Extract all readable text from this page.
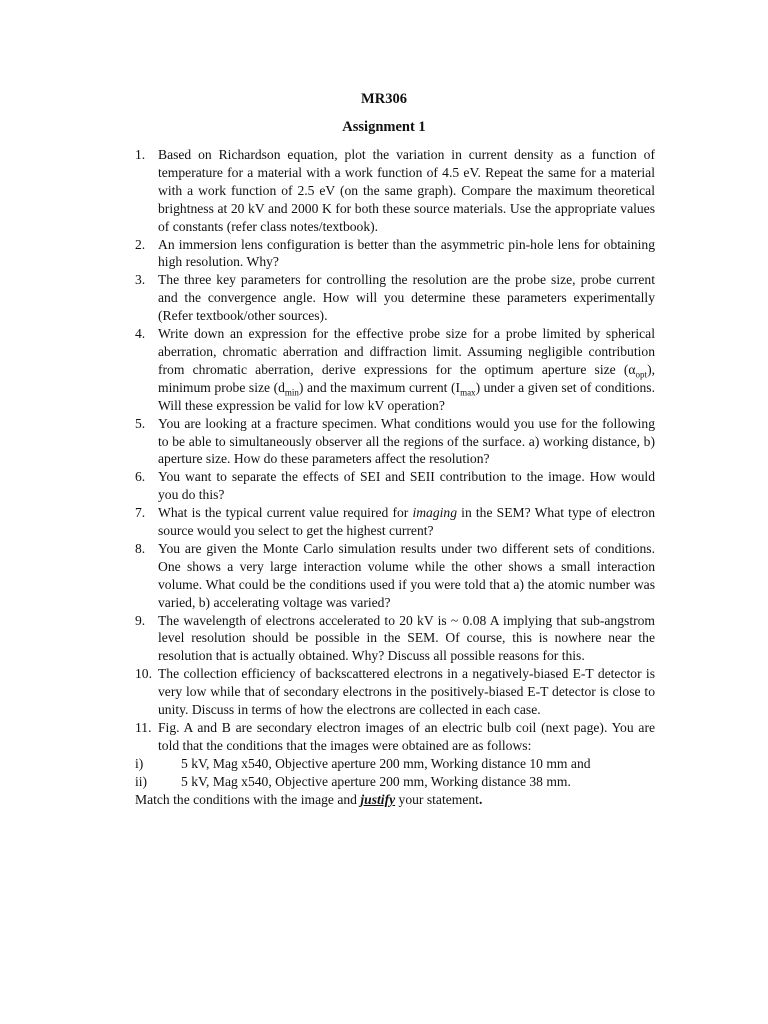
MR306
Assignment 1
1. Based on Richardson equation, plot the variation in current density as a function of temperature for a material with a work function of 4.5 eV. Repeat the same for a material with a work function of 2.5 eV (on the same graph). Compare the maximum theoretical brightness at 20 kV and 2000 K for both these source materials. Use the appropriate values of constants (refer class notes/textbook).
2. An immersion lens configuration is better than the asymmetric pin-hole lens for obtaining high resolution. Why?
3. The three key parameters for controlling the resolution are the probe size, probe current and the convergence angle. How will you determine these parameters experimentally (Refer textbook/other sources).
4. Write down an expression for the effective probe size for a probe limited by spherical aberration, chromatic aberration and diffraction limit. Assuming negligible contribution from chromatic aberration, derive expressions for the optimum aperture size $(\alpha_{opt})$, minimum probe size $(d_{min})$ and the maximum current $(I_{max})$ under a given set of conditions. Will these expression be valid for low kV operation?
5. You are looking at a fracture specimen. What conditions would you use for the following to be able to simultaneously observer all the regions of the surface. a) working distance, b) aperture size. How do these parameters affect the resolution?
6. You want to separate the effects of SEI and SEII contribution to the image. How would you do this?
7. What is the typical current value required for imaging in the SEM? What type of electron source would you select to get the highest current?
8. You are given the Monte Carlo simulation results under two different sets of conditions. One shows a very large interaction volume while the other shows a small interaction volume. What could be the conditions used if you were told that a) the atomic number was varied, b) accelerating voltage was varied?
9. The wavelength of electrons accelerated to 20 kV is ~ 0.08 A implying that sub-angstrom level resolution should be possible in the SEM. Of course, this is nowhere near the resolution that is actually obtained. Why? Discuss all possible reasons for this.
10. The collection efficiency of backscattered electrons in a negatively-biased E-T detector is very low while that of secondary electrons in the positively-biased E-T detector is close to unity. Discuss in terms of how the electrons are collected in each case.
11. Fig. A and B are secondary electron images of an electric bulb coil (next page). You are told that the conditions that the images were obtained are as follows:
i)	5 kV, Mag x540, Objective aperture 200 mm, Working distance 10 mm and
ii) 5 kV, Mag x540, Objective aperture 200 mm, Working distance 38 mm.
Match the conditions with the image and justify your statement.
